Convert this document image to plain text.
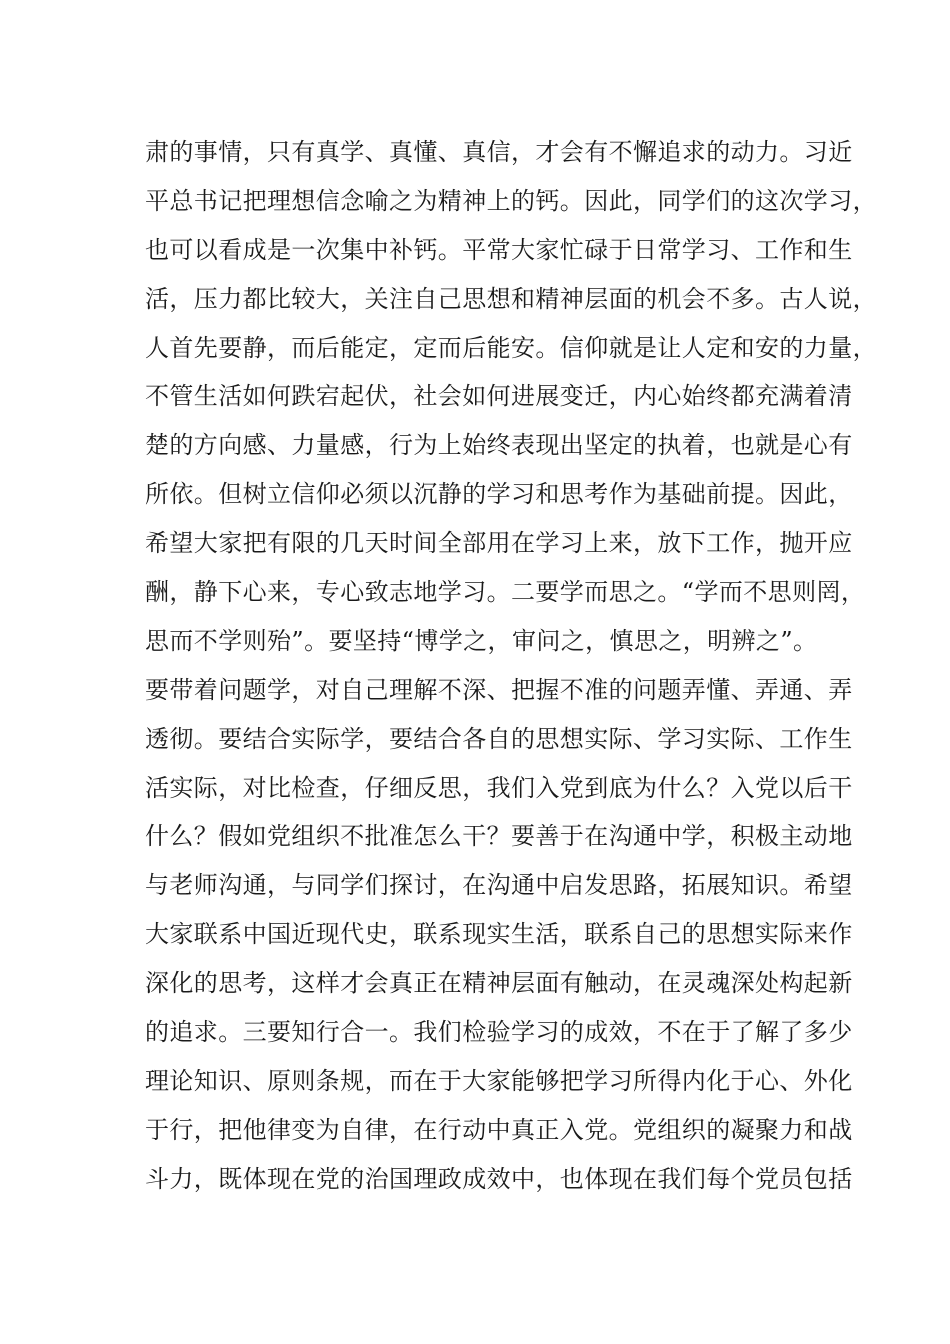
肃的事情，只有真学、真懂、真信，才会有不懈追求的动力。习近
平总书记把理想信念喻之为精神上的钙。因此，同学们的这次学习，
也可以看成是一次集中补钙。平常大家忙碌于日常学习、工作和生
活，压力都比较大，关注自己思想和精神层面的机会不多。古人说，
人首先要静，而后能定，定而后能安。信仰就是让人定和安的力量，
不管生活如何跌宕起伏，社会如何进展变迁，内心始终都充满着清
楚的方向感、力量感，行为上始终表现出坚定的执着，也就是心有
所依。但树立信仰必须以沉静的学习和思考作为基础前提。因此，
希望大家把有限的几天时间全部用在学习上来，放下工作，抛开应
酬，静下心来，专心致志地学习。二要学而思之。“学而不思则罔，
思而不学则殆”。要坚持“博学之，审问之，慎思之，明辨之”。
要带着问题学，对自己理解不深、把握不准的问题弄懂、弄通、弄
透彻。要结合实际学，要结合各自的思想实际、学习实际、工作生
活实际，对比检查，仔细反思，我们入党到底为什么？入党以后干
什么？假如党组织不批准怎么干？要善于在沟通中学，积极主动地
与老师沟通，与同学们探讨，在沟通中启发思路，拓展知识。希望
大家联系中国近现代史，联系现实生活，联系自己的思想实际来作
深化的思考，这样才会真正在精神层面有触动，在灵魂深处构起新
的追求。三要知行合一。我们检验学习的成效，不在于了解了多少
理论知识、原则条规，而在于大家能够把学习所得内化于心、外化
于行，把他律变为自律，在行动中真正入党。党组织的凝聚力和战
斗力，既体现在党的治国理政成效中，也体现在我们每个党员包括
